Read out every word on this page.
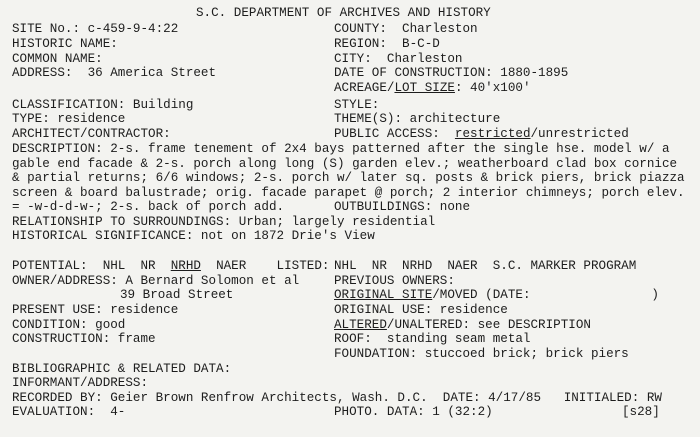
S.C. DEPARTMENT OF ARCHIVES AND HISTORY
SITE No.: c-459-9-4:22	COUNTY:  Charleston
HISTORIC NAME:	REGION:  B-C-D
COMMON NAME:	CITY:  Charleston
ADDRESS:  36 America Street	DATE OF CONSTRUCTION: 1880-1895
ACREAGE/LOT SIZE: 40'x100'
CLASSIFICATION: Building	STYLE:
TYPE: residence	THEME(S): architecture
ARCHITECT/CONTRACTOR:	PUBLIC ACCESS:  restricted/unrestricted
DESCRIPTION: 2-s. frame tenement of 2x4 bays patterned after the single hse. model w/ a
gable end facade & 2-s. porch along long (S) garden elev.; weatherboard clad box cornice
& partial returns; 6/6 windows; 2-s. porch w/ later sq. posts & brick piers, brick piazza
screen & board balustrade; orig. facade parapet @ porch; 2 interior chimneys; porch elev.
= -w-d-d-w-; 2-s. back of porch add.	OUTBUILDINGS: none
RELATIONSHIP TO SURROUNDINGS: Urban; largely residential
HISTORICAL SIGNIFICANCE: not on 1872 Drie's View
POTENTIAL:  NHL  NR  NRHD  NAER    LISTED: NHL  NR  NRHD  NAER  S.C. MARKER PROGRAM
OWNER/ADDRESS: A Bernard Solomon et al	PREVIOUS OWNERS:
39 Broad Street	ORIGINAL SITE/MOVED (DATE:                )
PRESENT USE: residence	ORIGINAL USE: residence
CONDITION: good	ALTERED/UNALTERED: see DESCRIPTION
CONSTRUCTION: frame	ROOF:  standing seam metal
FOUNDATION: stuccoed brick; brick piers
BIBLIOGRAPHIC & RELATED DATA:
INFORMANT/ADDRESS:
RECORDED BY: Geier Brown Renfrow Architects, Wash. D.C.  DATE: 4/17/85   INITIALED: RW
EVALUATION:  4-	PHOTO. DATA: 1 (32:2)	[s28]
